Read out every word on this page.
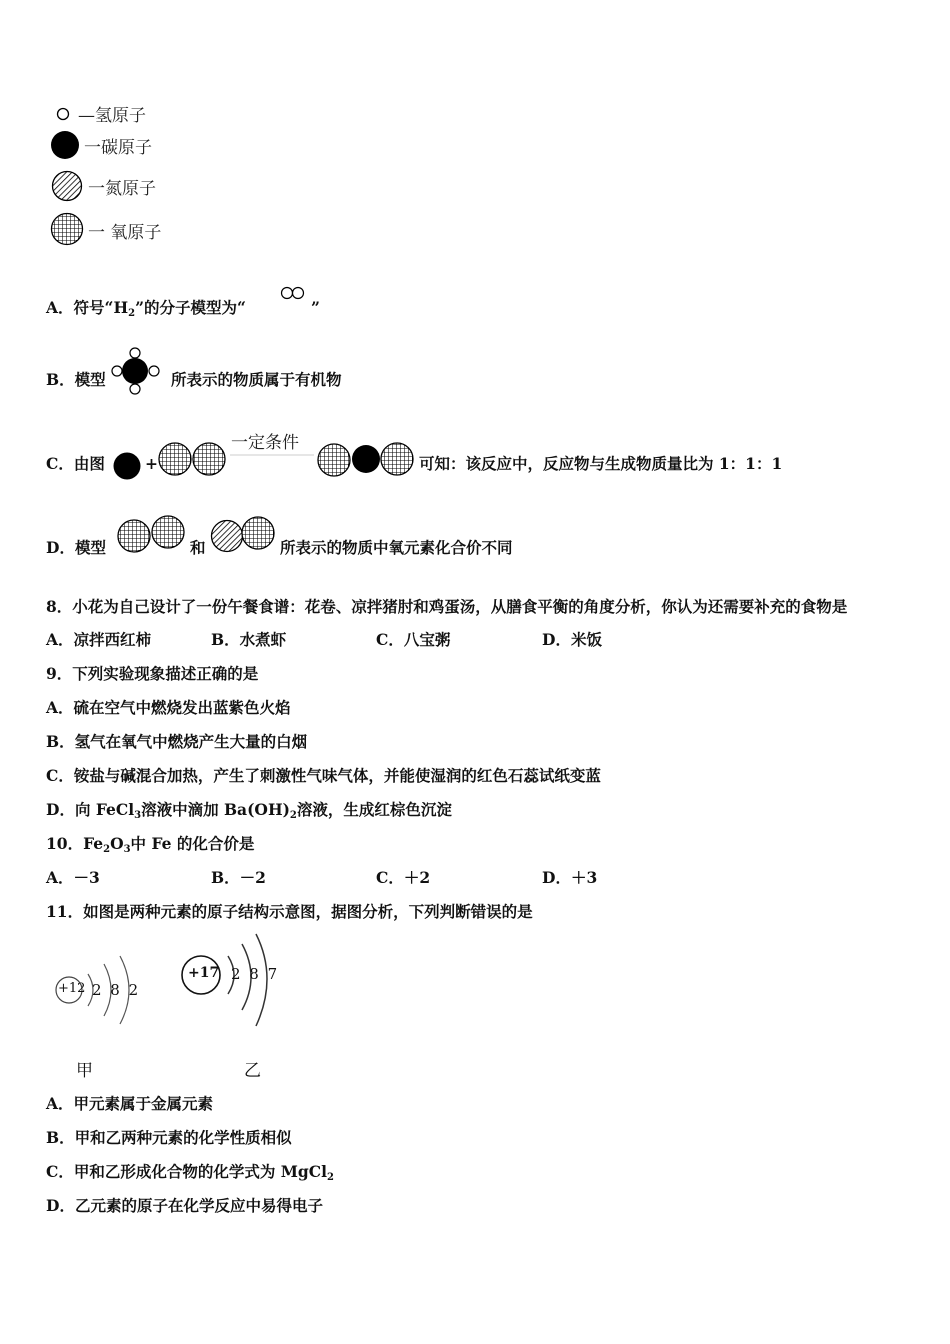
—氢原子
一碳原子
一氮原子
一 氧原子
A．符号“$H_2$”的分子模型为“	”
B．模型	所表示的物质属于有机物
C．由图	+
一定条件
可知：该反应中，反应物与生成物质量比为 1：1：1
D．模型	和	所表示的物质中氧元素化合价不同
8．小花为自己设计了一份午餐食谱：花卷、凉拌猪肘和鸡蛋汤，从膳食平衡的角度分析，你认为还需要补充的食物是
A．凉拌西红柿	B．水煮虾	C．八宝粥	D．米饭
9．下列实验现象描述正确的是
A．硫在空气中燃烧发出蓝紫色火焰
B．氢气在氧气中燃烧产生大量的白烟
C．铵盐与碱混合加热，产生了刺激性气味气体，并能使湿润的红色石蕊试纸变蓝
D．向 FeCl$_3$溶液中滴加 $Ba(OH)_2$溶液，生成红棕色沉淀
10．$Fe_2O_3$中 Fe 的化合价是
A．－3	B．－2	C．＋2	D．＋3
11．如图是两种元素的原子结构示意图，据图分析，下列判断错误的是
+12 2 8 2
甲
+17 2 8 7
乙
A．甲元素属于金属元素
B．甲和乙两种元素的化学性质相似
C．甲和乙形成化合物的化学式为 MgCl$_2$
D．乙元素的原子在化学反应中易得电子
